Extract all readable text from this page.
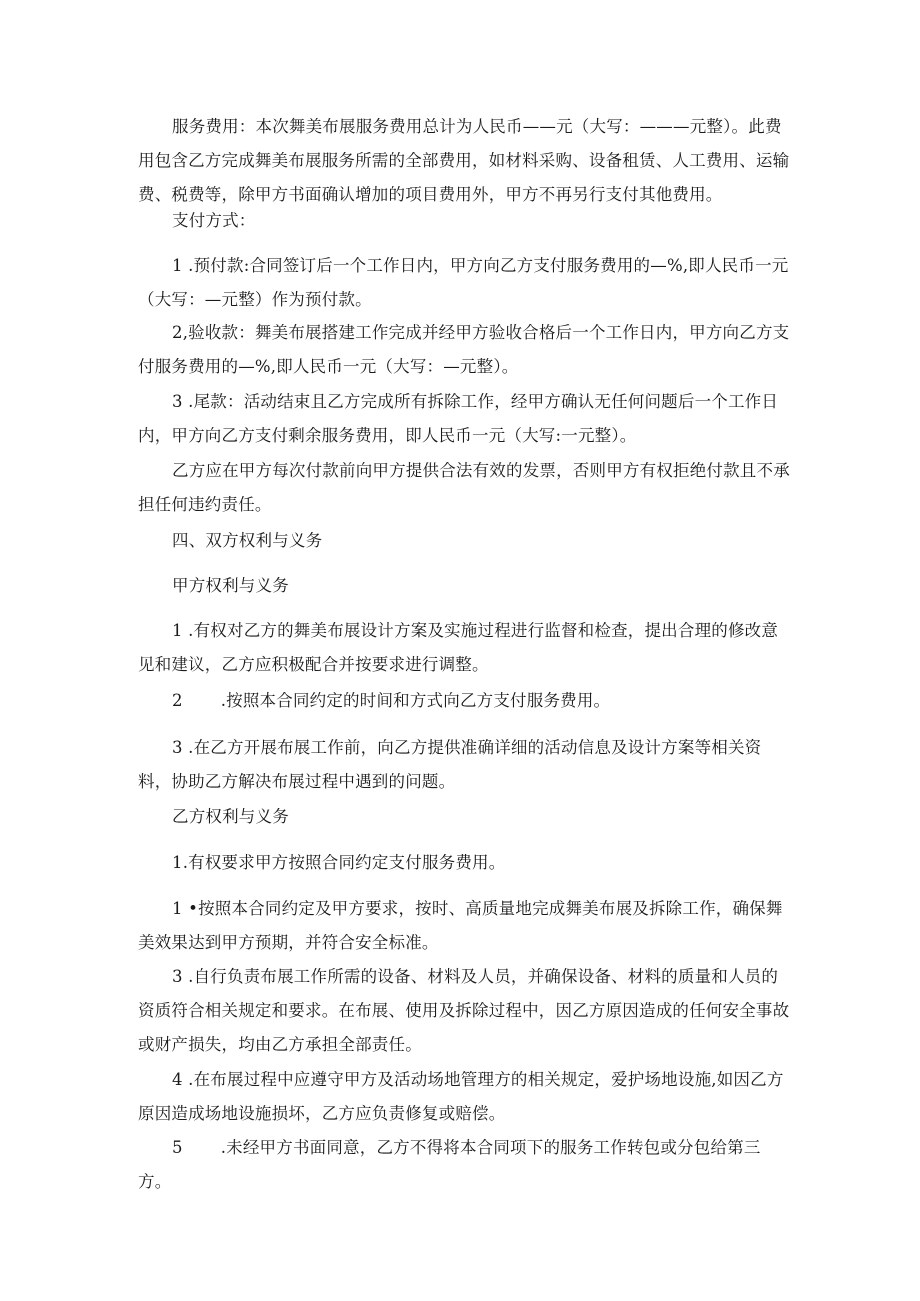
服务费用：本次舞美布展服务费用总计为人民币——元（大写：———元整）。此费用包含乙方完成舞美布展服务所需的全部费用，如材料采购、设备租赁、人工费用、运输费、税费等，除甲方书面确认增加的项目费用外，甲方不再另行支付其他费用。

支付方式：

1 .预付款:合同签订后一个工作日内，甲方向乙方支付服务费用的—%,即人民币一元（大写：—元整）作为预付款。

2,验收款：舞美布展搭建工作完成并经甲方验收合格后一个工作日内，甲方向乙方支付服务费用的—%,即人民币一元（大写：—元整）。

3 .尾款：活动结束且乙方完成所有拆除工作，经甲方确认无任何问题后一个工作日内，甲方向乙方支付剩余服务费用，即人民币一元（大写:一元整）。

乙方应在甲方每次付款前向甲方提供合法有效的发票，否则甲方有权拒绝付款且不承担任何违约责任。

四、双方权利与义务

甲方权利与义务

1 .有权对乙方的舞美布展设计方案及实施过程进行监督和检查，提出合理的修改意见和建议，乙方应积极配合并按要求进行调整。

2 .按照本合同约定的时间和方式向乙方支付服务费用。

3 .在乙方开展布展工作前，向乙方提供准确详细的活动信息及设计方案等相关资料，协助乙方解决布展过程中遇到的问题。

乙方权利与义务

1.有权要求甲方按照合同约定支付服务费用。

1 •按照本合同约定及甲方要求，按时、高质量地完成舞美布展及拆除工作，确保舞美效果达到甲方预期，并符合安全标准。

3 .自行负责布展工作所需的设备、材料及人员，并确保设备、材料的质量和人员的资质符合相关规定和要求。在布展、使用及拆除过程中，因乙方原因造成的任何安全事故或财产损失，均由乙方承担全部责任。

4 .在布展过程中应遵守甲方及活动场地管理方的相关规定，爱护场地设施,如因乙方原因造成场地设施损坏，乙方应负责修复或赔偿。

5 .未经甲方书面同意，乙方不得将本合同项下的服务工作转包或分包给第三方。
